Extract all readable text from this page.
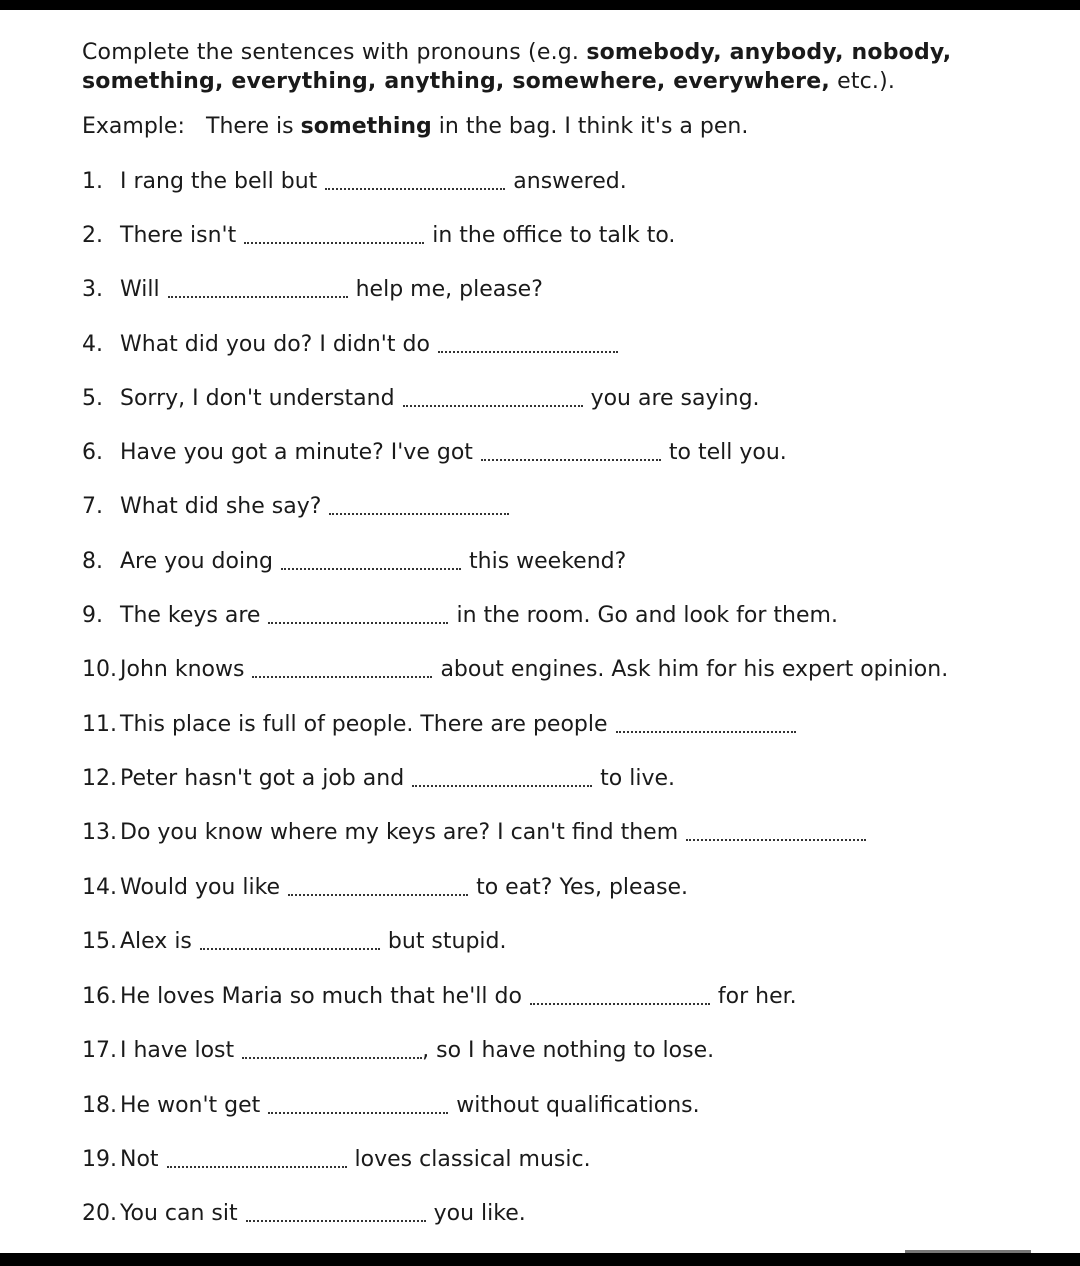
Complete the sentences with pronouns (e.g. somebody, anybody, nobody,
something, everything, anything, somewhere, everywhere, etc.).
Example: There is something in the bag. I think it's a pen.
1. I rang the bell but	answered.
2. There isn't	in the office to talk to.
3. Will	help me, please?
4. What did you do? I didn't do
5. Sorry, I don't understand	you are saying.
6. Have you got a minute? I've got	to tell you.
7. What did she say?
8. Are you doing	this weekend?
9. The keys are	in the room. Go and look for them.
10. John knows	about engines. Ask him for his expert opinion.
11. This place is full of people. There are people
12. Peter hasn't got a job and	to live.
13. Do you know where my keys are? I can't find them
14. Would you like	to eat? Yes, please.
15. Alex is	but stupid.
16. He loves Maria so much that he'll do	for her.
17. I have lost	, so I have nothing to lose.
18. He won't get	without qualifications.
19. Not	loves classical music.
20. You can sit	you like.
